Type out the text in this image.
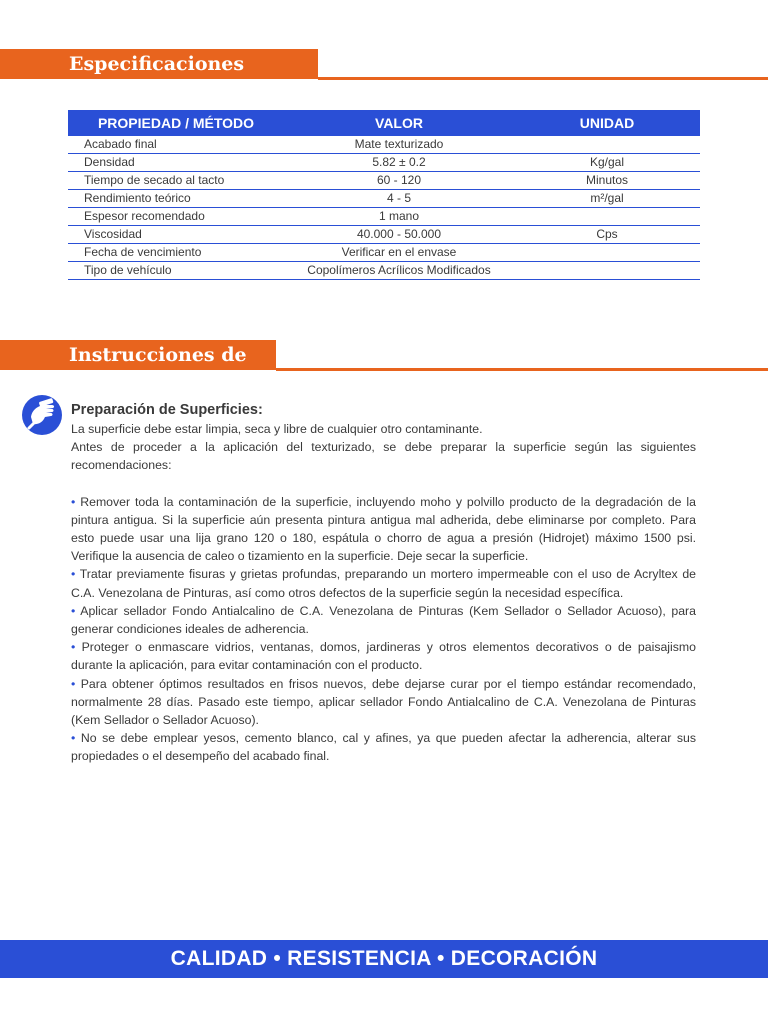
Especificaciones Técnicas
PROPIEDAD / MÉTODO	VALOR	UNIDAD
Acabado final	Mate texturizado	
Densidad	5.82 ± 0.2	Kg/gal
Tiempo de secado al tacto	60 - 120	Minutos
Rendimiento teórico	4 - 5	m²/gal
Espesor recomendado	1 mano	
Viscosidad	40.000 - 50.000	Cps
Fecha de vencimiento	Verificar en el envase	
Tipo de vehículo	Copolímeros Acrílicos Modificados	
Instrucciones de Uso
Preparación de Superficies:

La superficie debe estar limpia, seca y libre de cualquier otro contaminante.

Antes de proceder a la aplicación del texturizado, se debe preparar la superficie según las siguientes recomendaciones:

• Remover toda la contaminación de la superficie, incluyendo moho y polvillo producto de la degradación de la pintura antigua. Si la superficie aún presenta pintura antigua mal adherida, debe eliminarse por completo. Para esto puede usar una lija grano 120 o 180, espátula o chorro de agua a presión (Hidrojet) máximo 1500 psi. Verifique la ausencia de caleo o tizamiento en la superficie. Deje secar la superficie.

• Tratar previamente fisuras y grietas profundas, preparando un mortero impermeable con el uso de Acryltex de C.A. Venezolana de Pinturas, así como otros defectos de la superficie según la necesidad específica.

• Aplicar sellador Fondo Antialcalino de C.A. Venezolana de Pinturas (Kem Sellador o Sellador Acuoso), para generar condiciones ideales de adherencia.

• Proteger o enmascare vidrios, ventanas, domos, jardineras y otros elementos decorativos o de paisajismo durante la aplicación, para evitar contaminación con el producto.

• Para obtener óptimos resultados en frisos nuevos, debe dejarse curar por el tiempo estándar recomendado, normalmente 28 días. Pasado este tiempo, aplicar sellador Fondo Antialcalino de C.A. Venezolana de Pinturas (Kem Sellador o Sellador Acuoso).

• No se debe emplear yesos, cemento blanco, cal y afines, ya que pueden afectar la adherencia, alterar sus propiedades o el desempeño del acabado final.

CALIDAD • RESISTENCIA • DECORACIÓN
